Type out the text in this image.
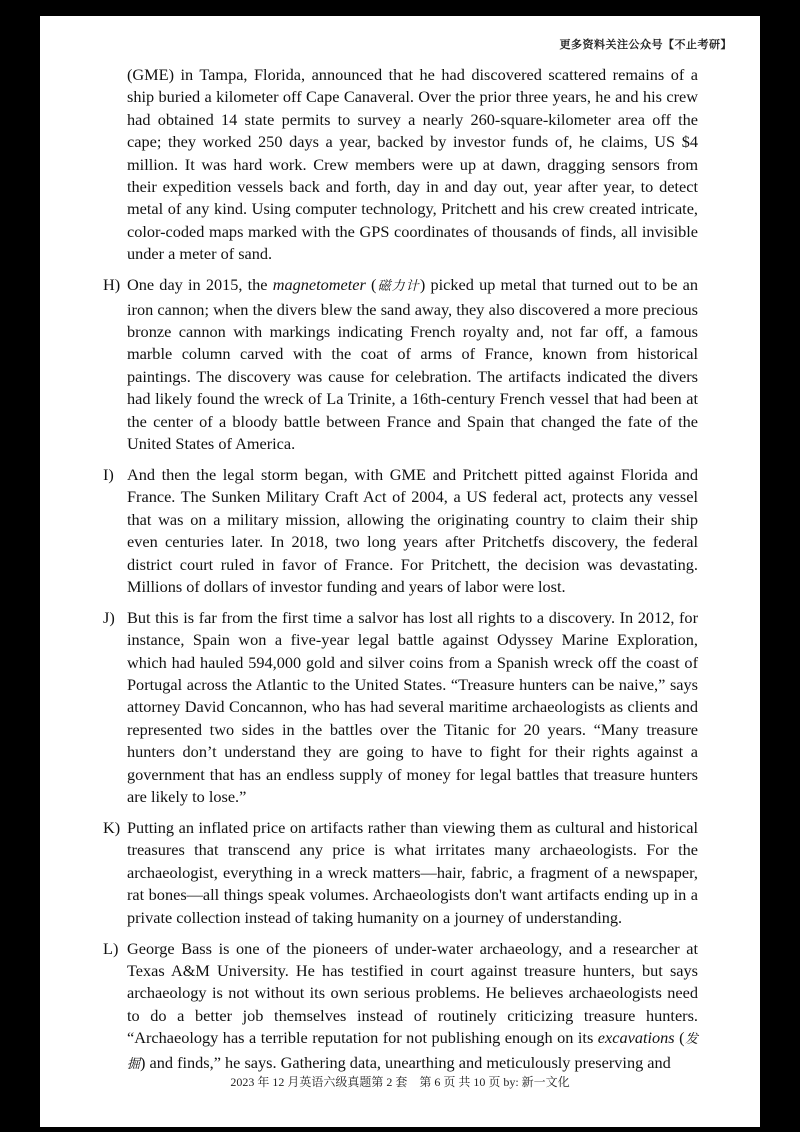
更多资料关注公众号【不止考研】

(GME) in Tampa, Florida, announced that he had discovered scattered remains of a ship buried a kilometer off Cape Canaveral. Over the prior three years, he and his crew had obtained 14 state permits to survey a nearly 260-square-kilometer area off the cape; they worked 250 days a year, backed by investor funds of, he claims, US $4 million. It was hard work. Crew members were up at dawn, dragging sensors from their expedition vessels back and forth, day in and day out, year after year, to detect metal of any kind. Using computer technology, Pritchett and his crew created intricate, color-coded maps marked with the GPS coordinates of thousands of finds, all invisible under a meter of sand.

H) One day in 2015, the magnetometer (磁力计) picked up metal that turned out to be an iron cannon; when the divers blew the sand away, they also discovered a more precious bronze cannon with markings indicating French royalty and, not far off, a famous marble column carved with the coat of arms of France, known from historical paintings. The discovery was cause for celebration. The artifacts indicated the divers had likely found the wreck of La Trinite, a 16th-century French vessel that had been at the center of a bloody battle between France and Spain that changed the fate of the United States of America.

I) And then the legal storm began, with GME and Pritchett pitted against Florida and France. The Sunken Military Craft Act of 2004, a US federal act, protects any vessel that was on a military mission, allowing the originating country to claim their ship even centuries later. In 2018, two long years after Pritchetfs discovery, the federal district court ruled in favor of France. For Pritchett, the decision was devastating. Millions of dollars of investor funding and years of labor were lost.

J) But this is far from the first time a salvor has lost all rights to a discovery. In 2012, for instance, Spain won a five-year legal battle against Odyssey Marine Exploration, which had hauled 594,000 gold and silver coins from a Spanish wreck off the coast of Portugal across the Atlantic to the United States. “Treasure hunters can be naive,” says attorney David Concannon, who has had several maritime archaeologists as clients and represented two sides in the battles over the Titanic for 20 years. “Many treasure hunters don’t understand they are going to have to fight for their rights against a government that has an endless supply of money for legal battles that treasure hunters are likely to lose.”

K) Putting an inflated price on artifacts rather than viewing them as cultural and historical treasures that transcend any price is what irritates many archaeologists. For the archaeologist, everything in a wreck matters—hair, fabric, a fragment of a newspaper, rat bones—all things speak volumes. Archaeologists don't want artifacts ending up in a private collection instead of taking humanity on a journey of understanding.

L) George Bass is one of the pioneers of under-water archaeology, and a researcher at Texas A&M University. He has testified in court against treasure hunters, but says archaeology is not without its own serious problems. He believes archaeologists need to do a better job themselves instead of routinely criticizing treasure hunters. “Archaeology has a terrible reputation for not publishing enough on its excavations (发掘) and finds,” he says. Gathering data, unearthing and meticulously preserving and

2023 年 12 月英语六级真题第 2 套　第 6 页 共 10 页 by: 新一文化
